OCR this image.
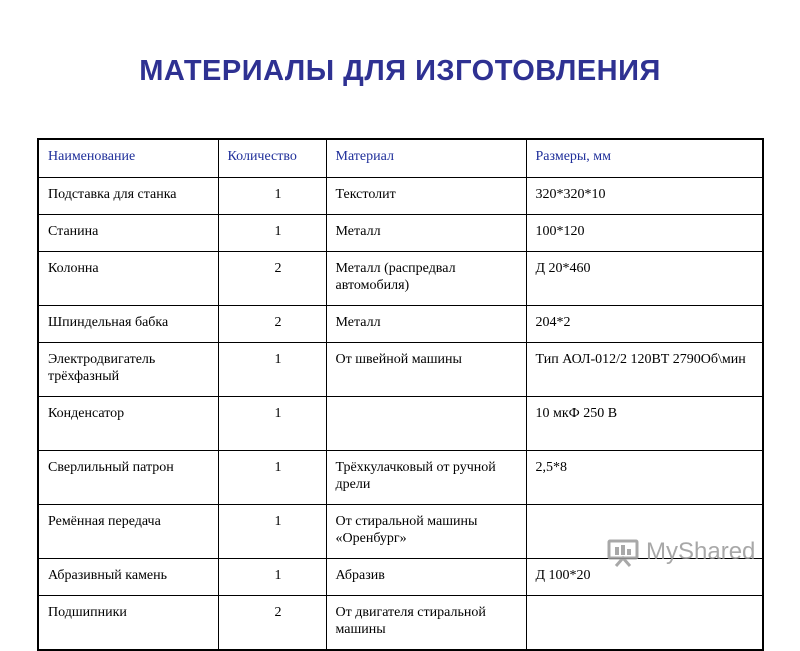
МАТЕРИАЛЫ ДЛЯ ИЗГОТОВЛЕНИЯ
Наименование	Количество	Материал	Размеры, мм
Подставка для станка	1	Текстолит	320*320*10
Станина	1	Металл	100*120
Колонна	2	Металл (распредвал автомобиля)	Д 20*460
Шпиндельная бабка	2	Металл	204*2
Электродвигатель трёхфазный	1	От швейной машины	Тип АОЛ-012/2 120ВТ 2790Об\мин
Конденсатор	1		10 мкФ 250 В
Сверлильный патрон	1	Трёхкулачковый от ручной дрели	2,5*8
Ремённая передача	1	От стиральной машины «Оренбург»	
Абразивный камень	1	Абразив	Д 100*20
Подшипники	2	От двигателя стиральной машины	
MyShared
